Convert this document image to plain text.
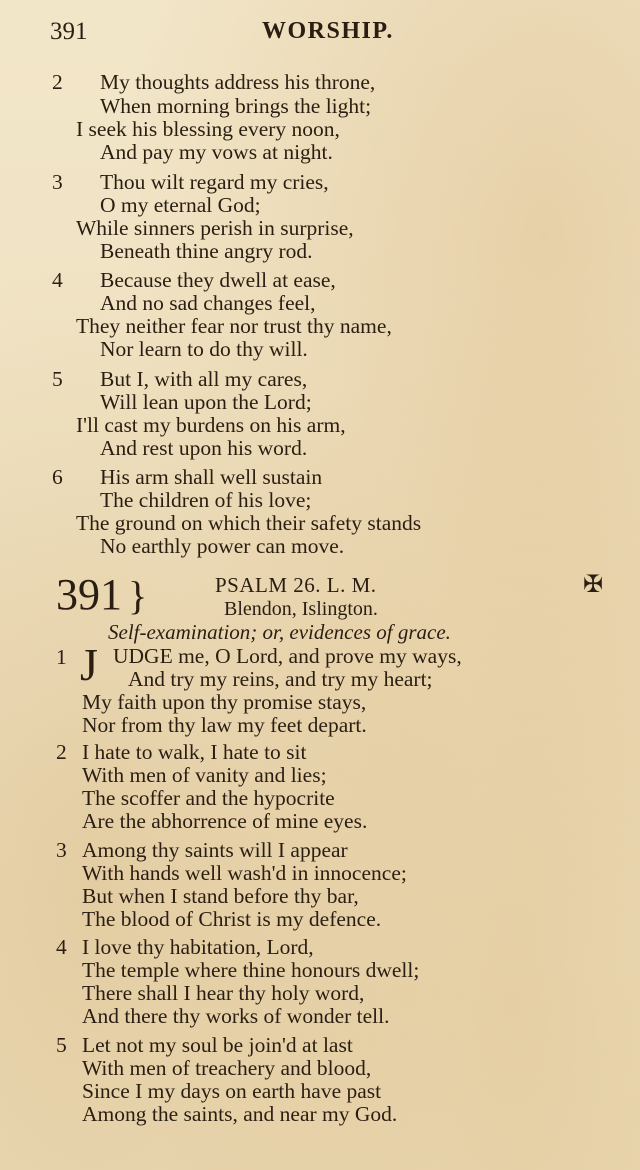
391	WORSHIP.
2 My thoughts address his throne,
When morning brings the light;
I seek his blessing every noon,
And pay my vows at night.
3 Thou wilt regard my cries,
O my eternal God;
While sinners perish in surprise,
Beneath thine angry rod.
4 Because they dwell at ease,
And no sad changes feel,
They neither fear nor trust thy name,
Nor learn to do thy will.
5 But I, with all my cares,
Will lean upon the Lord;
I'll cast my burdens on his arm,
And rest upon his word.
6 His arm shall well sustain
The children of his love;
The ground on which their safety stands
No earthly power can move.
391 }	PSALM 26. L. M.	✠
Blendon, Islington.
Self-examination; or, evidences of grace.
1 J UDGE me, O Lord, and prove my ways,
And try my reins, and try my heart;
My faith upon thy promise stays,
Nor from thy law my feet depart.
2 I hate to walk, I hate to sit
With men of vanity and lies;
The scoffer and the hypocrite
Are the abhorrence of mine eyes.
3 Among thy saints will I appear
With hands well wash'd in innocence;
But when I stand before thy bar,
The blood of Christ is my defence.
4 I love thy habitation, Lord,
The temple where thine honours dwell;
There shall I hear thy holy word,
And there thy works of wonder tell.
5 Let not my soul be join'd at last
With men of treachery and blood,
Since I my days on earth have past
Among the saints, and near my God.
